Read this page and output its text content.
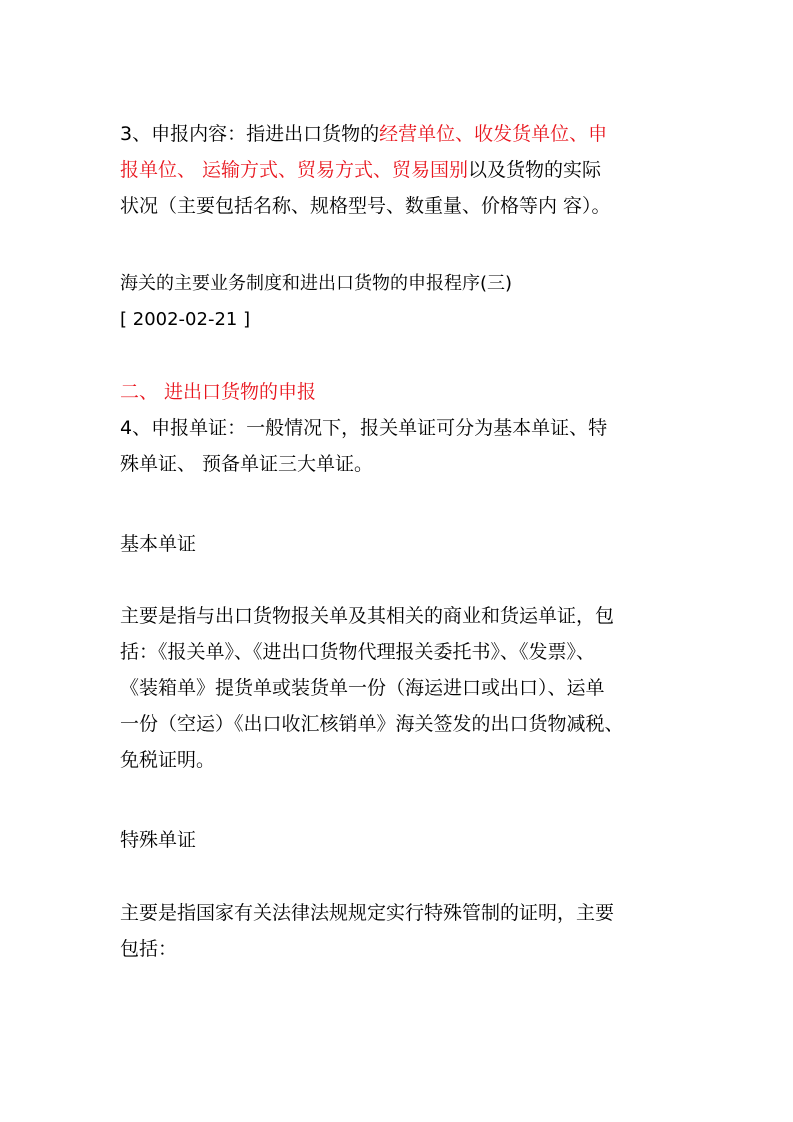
3、申报内容：指进出口货物的经营单位、收发货单位、申
报单位、 运输方式、贸易方式、贸易国别以及货物的实际
状况（主要包括名称、规格型号、数重量、价格等内 容）。

海关的主要业务制度和进出口货物的申报程序(三)
[ 2002-02-21 ]

二、 进出口货物的申报
4、申报单证：一般情况下，报关单证可分为基本单证、特
殊单证、 预备单证三大单证。

基本单证

主要是指与出口货物报关单及其相关的商业和货运单证，包
括：《报关单》、《进出口货物代理报关委托书》、《发票》、
《装箱单》提货单或装货单一份（海运进口或出口）、运单
一份（空运）《出口收汇核销单》海关签发的出口货物减税、
免税证明。

特殊单证

主要是指国家有关法律法规规定实行特殊管制的证明，主要
包括：
